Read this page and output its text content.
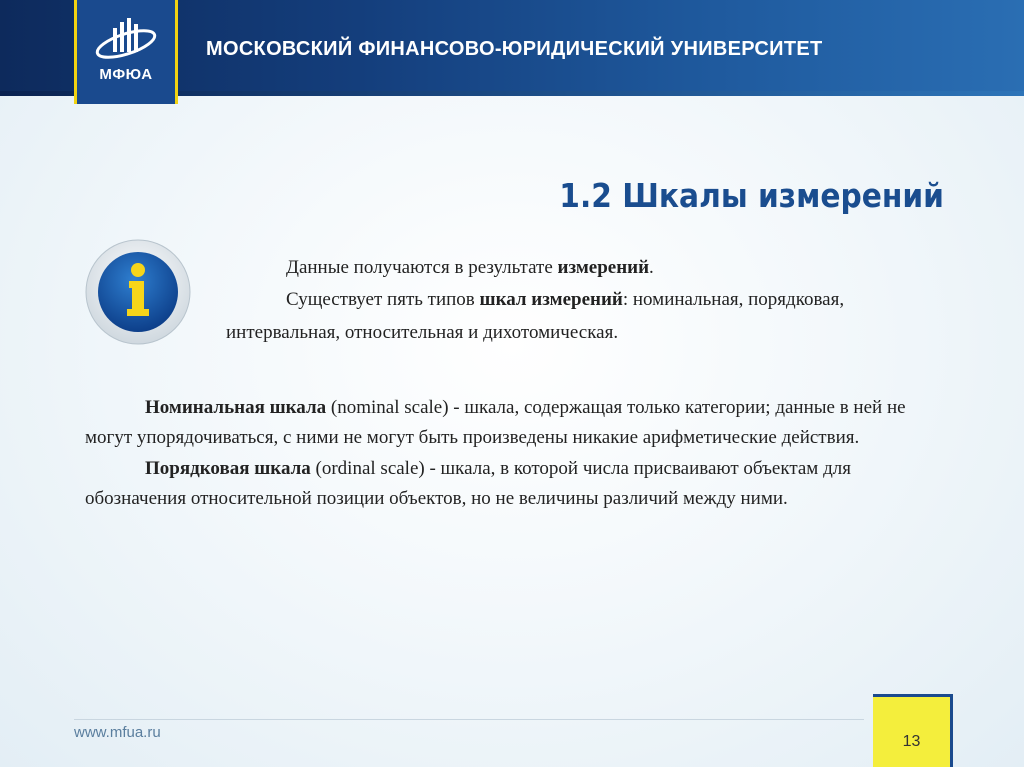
МФЮА
МОСКОВСКИЙ ФИНАНСОВО-ЮРИДИЧЕСКИЙ УНИВЕРСИТЕТ
1.2 Шкалы измерений

Данные получаются в результате измерений.

Существует пять типов шкал измерений: номинальная, порядковая, интервальная, относительная и дихотомическая.

Номинальная шкала (nominal scale) - шкала, содержащая только категории; данные в ней не могут упорядочиваться, с ними не могут быть произведены никакие арифметические действия.

Порядковая шкала (ordinal scale) - шкала, в которой числа присваивают объектам для обозначения относительной позиции объектов, но не величины различий между ними.

www.mfua.ru
13
